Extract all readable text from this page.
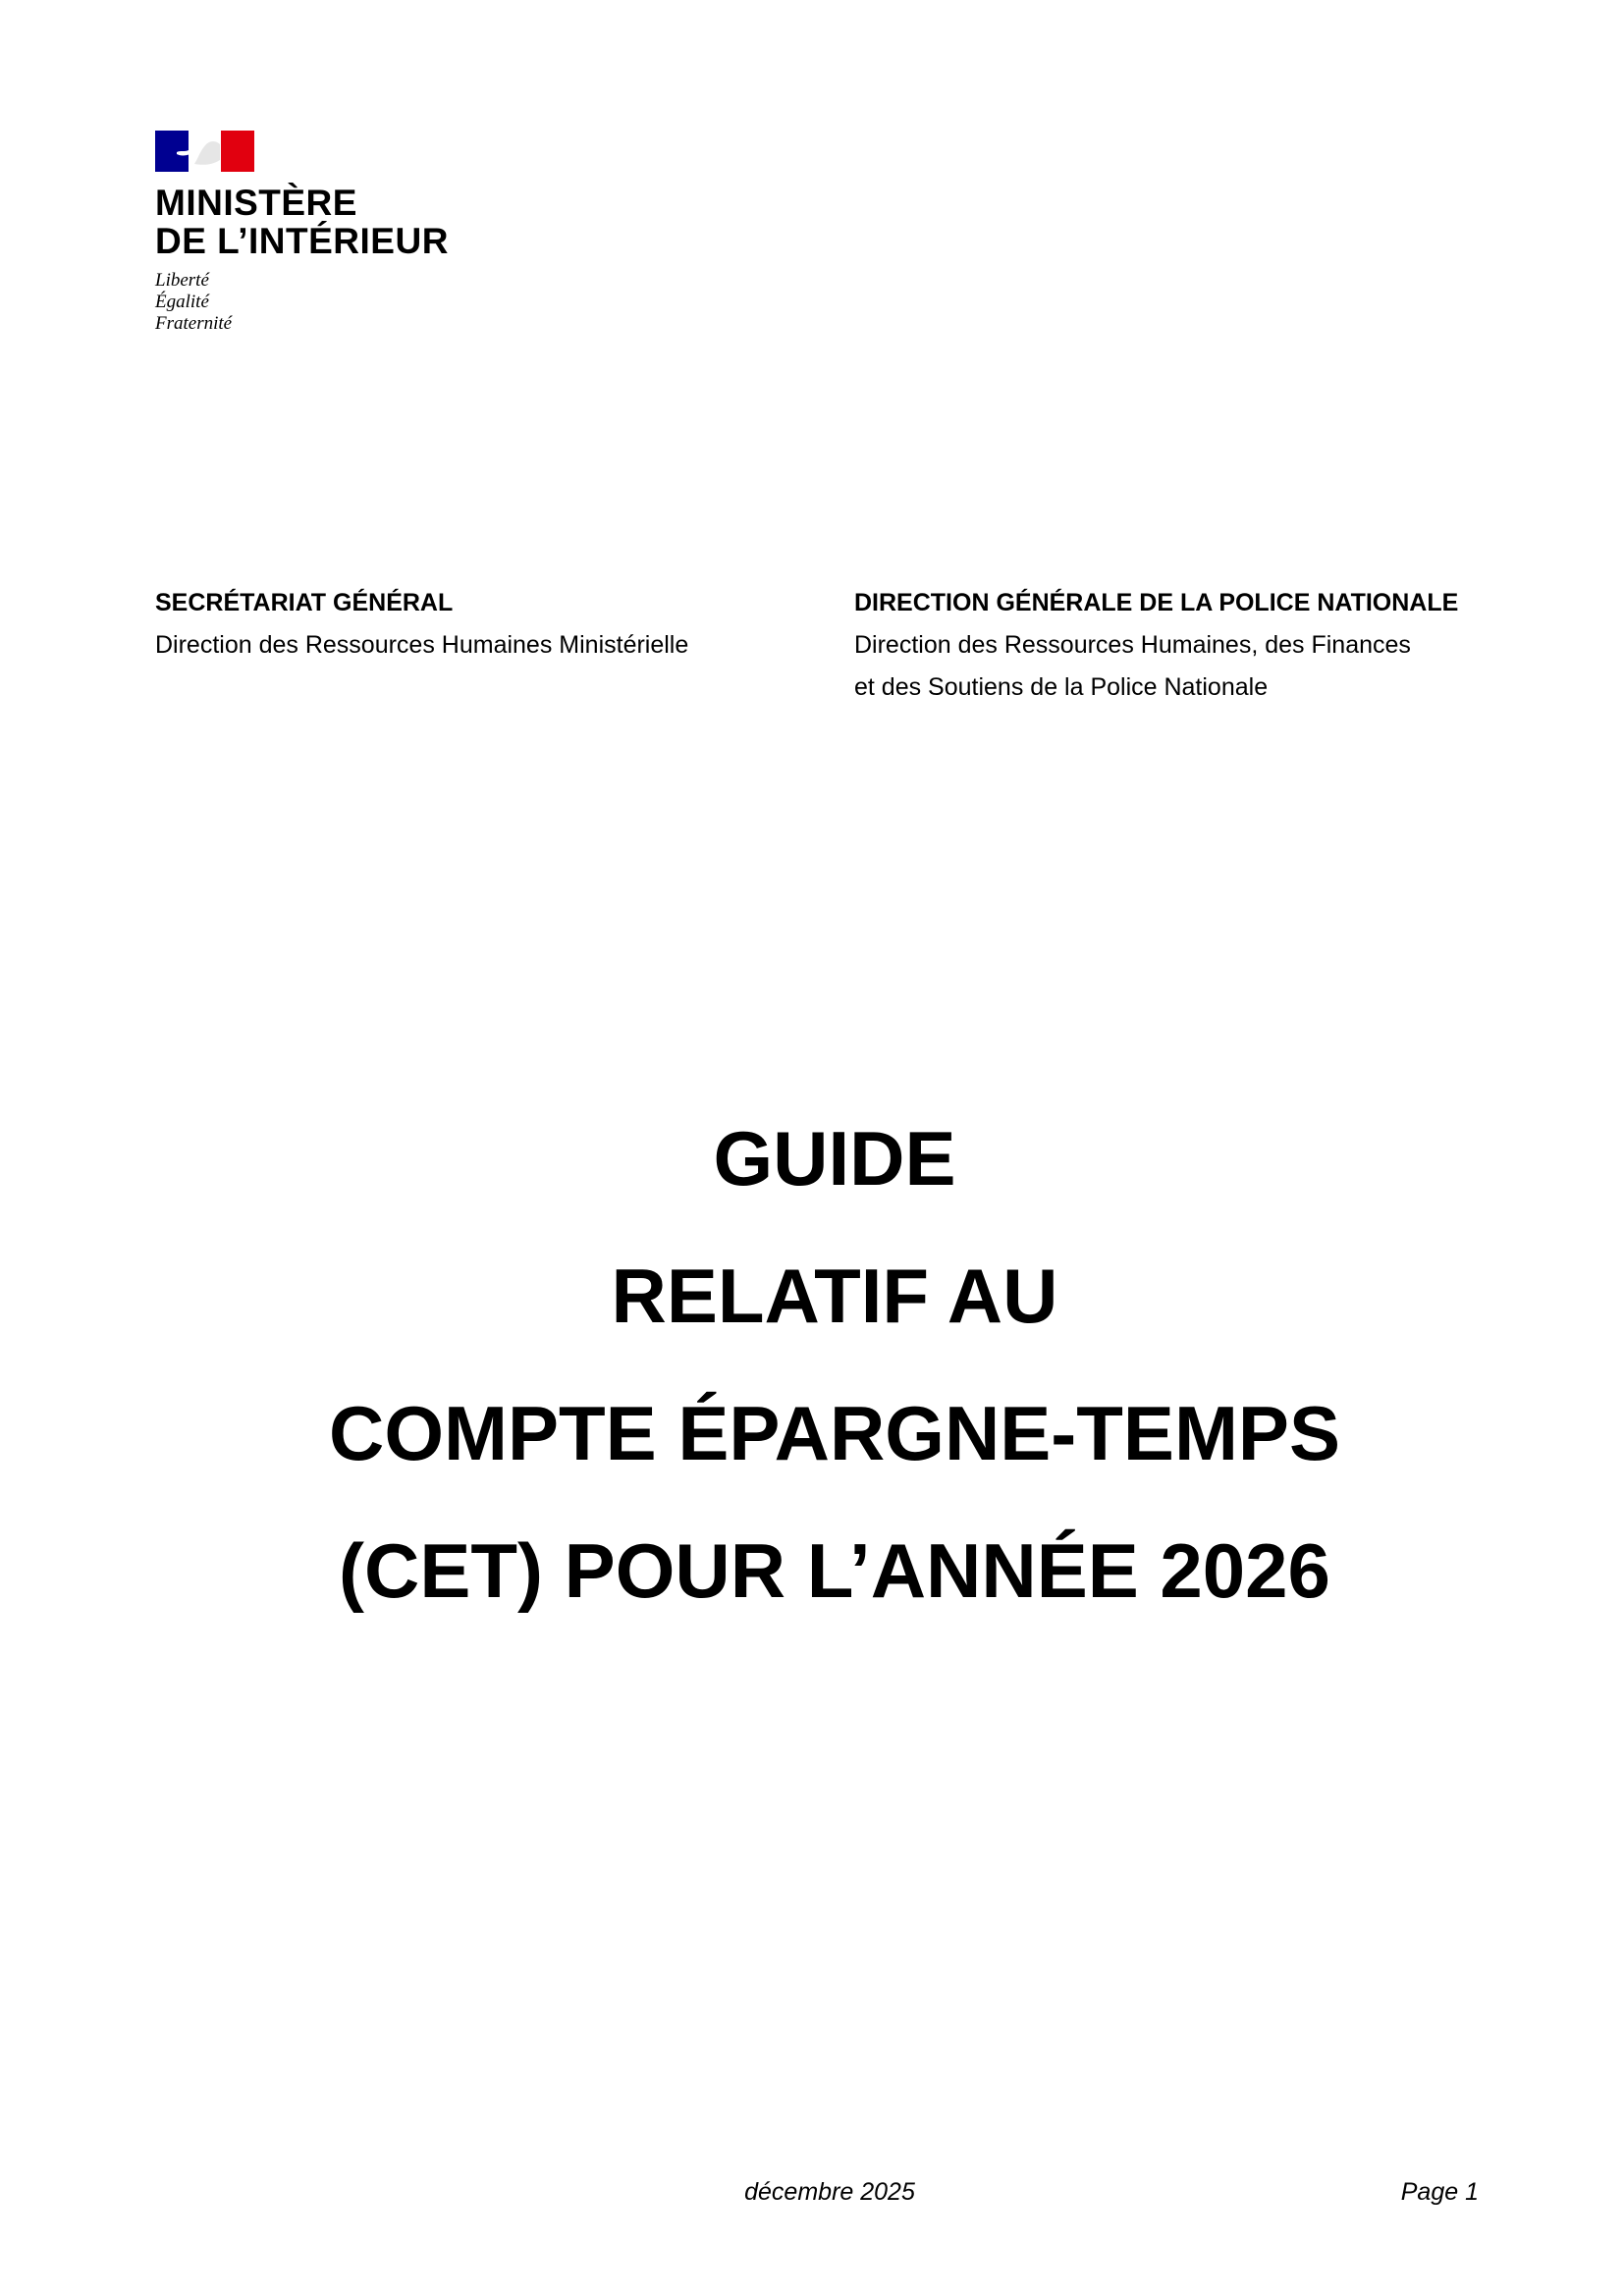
MINISTÈRE
DE L’INTÉRIEUR
Liberté
Égalité
Fraternité
SECRÉTARIAT GÉNÉRAL
Direction des Ressources Humaines Ministérielle
DIRECTION GÉNÉRALE DE LA POLICE NATIONALE
Direction des Ressources Humaines, des Finances
et des Soutiens de la Police Nationale
GUIDE
RELATIF AU
COMPTE ÉPARGNE-TEMPS
(CET) POUR L’ANNÉE 2026
décembre 2025	Page 1
